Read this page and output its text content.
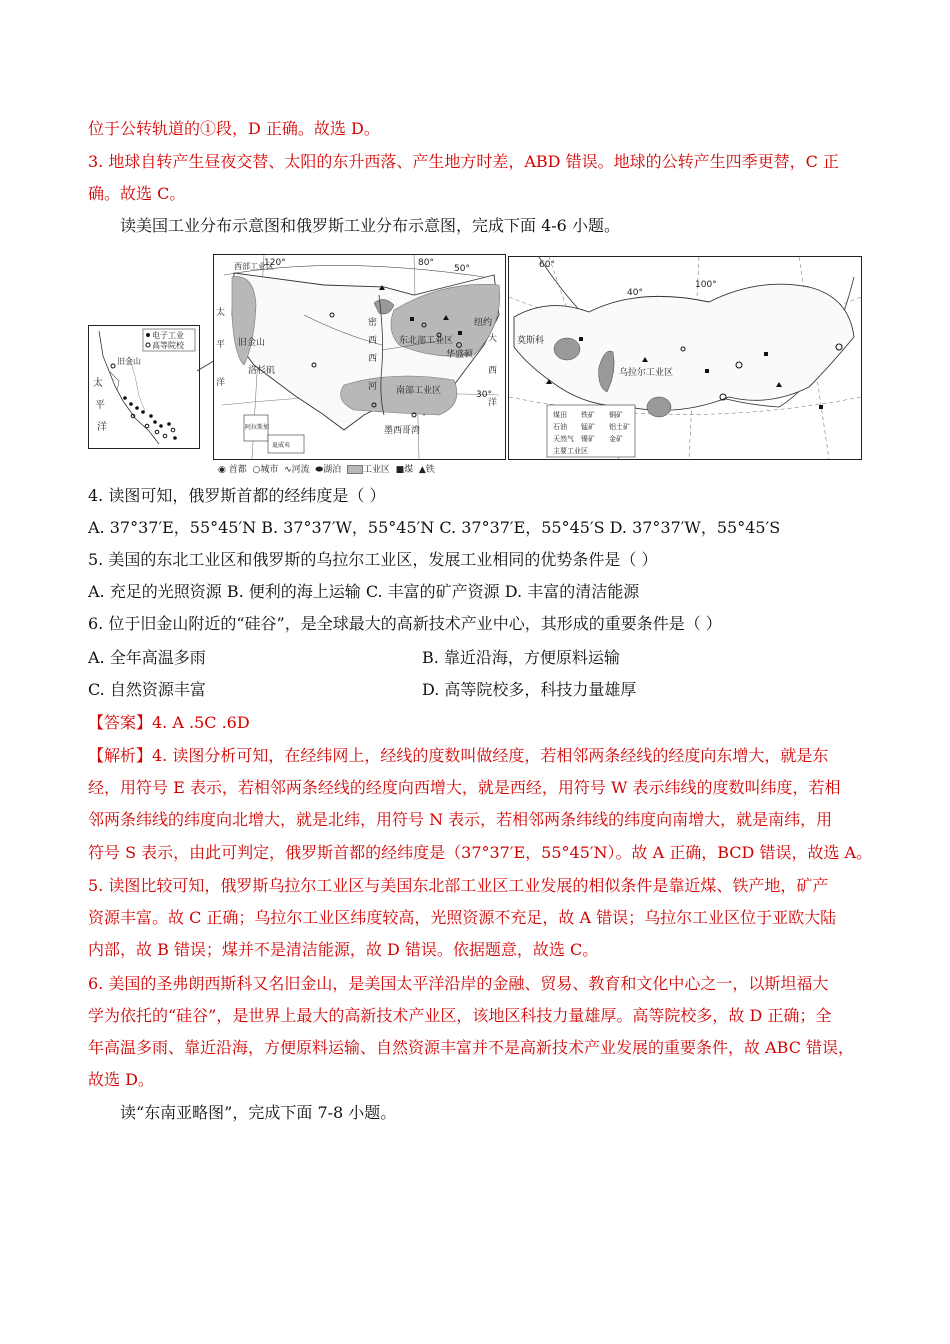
位于公转轨道的①段，D 正确。故选 D。
3. 地球自转产生昼夜交替、太阳的东升西落、产生地方时差，ABD 错误。地球的公转产生四季更替，C 正
确。故选 C。
读美国工业分布示意图和俄罗斯工业分布示意图，完成下面 4-6 小题。
电子工业
高等院校
旧金山
太
平
洋
120°	80°
50°
30°
西部工业区
太
平
洋
旧金山
洛杉矶
东北部工业区
华盛顿
纽约
南部工业区
墨西哥湾
密
西
西
河
大
西
洋
阿拉斯加
夏威夷
60°
40°
100°
莫斯科
乌拉尔工业区
煤田 铁矿 铜矿
石油 锰矿 铝土矿
天然气 镍矿 金矿
主要工业区
◉ 首都 ○城市 ∿河流 ⬬湖泊 工业区 ■煤 ▲铁
4. 读图可知，俄罗斯首都的经纬度是（ ）
A. 37°37′E，55°45′N B. 37°37′W，55°45′N C. 37°37′E，55°45′S D. 37°37′W，55°45′S
5. 美国的东北工业区和俄罗斯的乌拉尔工业区，发展工业相同的优势条件是（ ）
A. 充足的光照资源 B. 便利的海上运输 C. 丰富的矿产资源 D. 丰富的清洁能源
6. 位于旧金山附近的“硅谷”，是全球最大的高新技术产业中心，其形成的重要条件是（ ）
A. 全年高温多雨	B. 靠近沿海，方便原料运输
C. 自然资源丰富	D. 高等院校多，科技力量雄厚
【答案】4. A .5C .6D
【解析】4. 读图分析可知，在经纬网上，经线的度数叫做经度，若相邻两条经线的经度向东增大，就是东
经，用符号 E 表示，若相邻两条经线的经度向西增大，就是西经，用符号 W 表示纬线的度数叫纬度，若相
邻两条纬线的纬度向北增大，就是北纬，用符号 N 表示，若相邻两条纬线的纬度向南增大，就是南纬，用
符号 S 表示，由此可判定，俄罗斯首都的经纬度是（37°37′E，55°45′N）。故 A 正确，BCD 错误，故选 A。
5. 读图比较可知，俄罗斯乌拉尔工业区与美国东北部工业区工业发展的相似条件是靠近煤、铁产地，矿产
资源丰富。故 C 正确；乌拉尔工业区纬度较高，光照资源不充足，故 A 错误；乌拉尔工业区位于亚欧大陆
内部，故 B 错误；煤并不是清洁能源，故 D 错误。依据题意，故选 C。
6. 美国的圣弗朗西斯科又名旧金山，是美国太平洋沿岸的金融、贸易、教育和文化中心之一，以斯坦福大
学为依托的“硅谷”，是世界上最大的高新技术产业区，该地区科技力量雄厚。高等院校多，故 D 正确；全
年高温多雨、靠近沿海，方便原料运输、自然资源丰富并不是高新技术产业发展的重要条件，故 ABC 错误，
故选 D。
读“东南亚略图”，完成下面 7-8 小题。
